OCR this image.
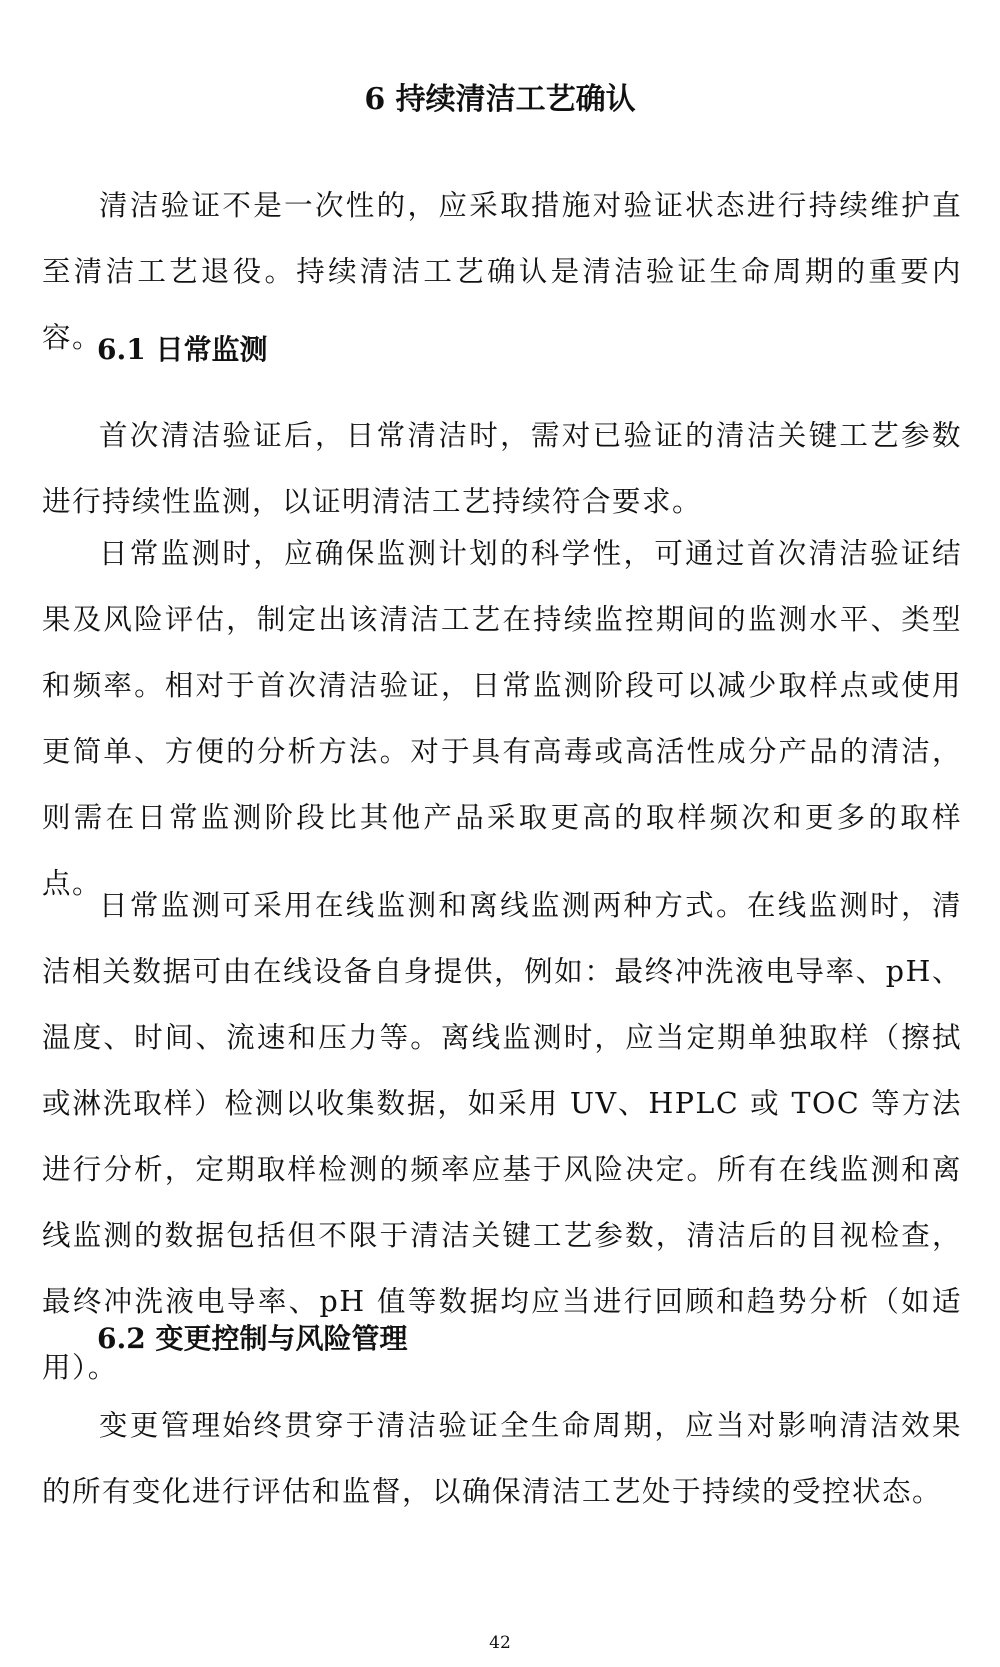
6 持续清洁工艺确认

清洁验证不是一次性的，应采取措施对验证状态进行持续维护直至清洁工艺退役。持续清洁工艺确认是清洁验证生命周期的重要内容。

6.1 日常监测

首次清洁验证后，日常清洁时，需对已验证的清洁关键工艺参数进行持续性监测，以证明清洁工艺持续符合要求。

日常监测时，应确保监测计划的科学性，可通过首次清洁验证结果及风险评估，制定出该清洁工艺在持续监控期间的监测水平、类型和频率。相对于首次清洁验证，日常监测阶段可以减少取样点或使用更简单、方便的分析方法。对于具有高毒或高活性成分产品的清洁，则需在日常监测阶段比其他产品采取更高的取样频次和更多的取样点。

日常监测可采用在线监测和离线监测两种方式。在线监测时，清洁相关数据可由在线设备自身提供，例如：最终冲洗液电导率、pH、温度、时间、流速和压力等。离线监测时，应当定期单独取样（擦拭或淋洗取样）检测以收集数据，如采用 UV、HPLC 或 TOC 等方法进行分析，定期取样检测的频率应基于风险决定。所有在线监测和离线监测的数据包括但不限于清洁关键工艺参数，清洁后的目视检查，最终冲洗液电导率、pH 值等数据均应当进行回顾和趋势分析（如适用）。

6.2 变更控制与风险管理

变更管理始终贯穿于清洁验证全生命周期，应当对影响清洁效果的所有变化进行评估和监督，以确保清洁工艺处于持续的受控状态。

42
